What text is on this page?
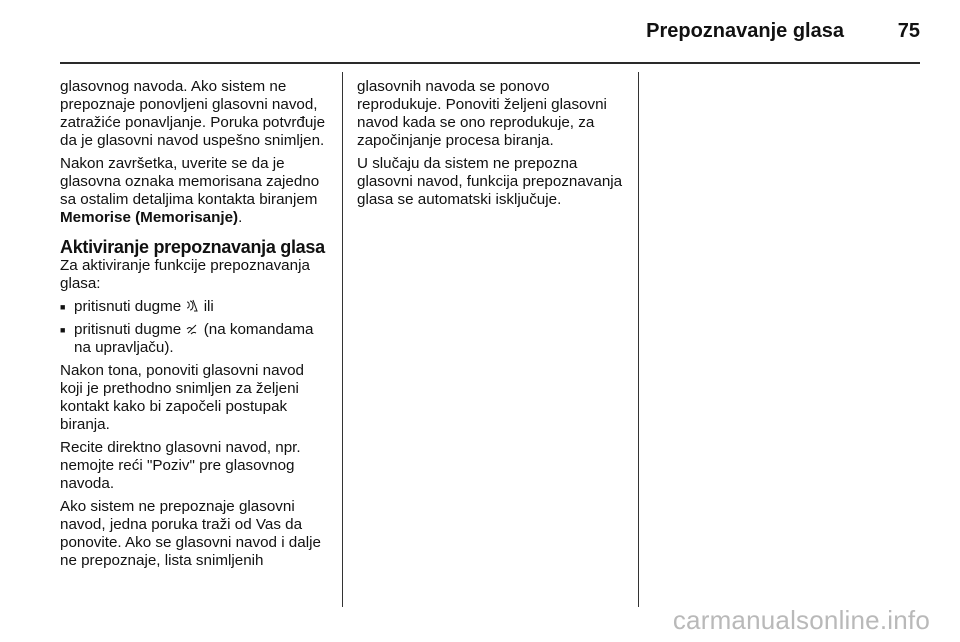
Prepoznavanje glasa	75

glasovnog navoda. Ako sistem ne prepoznaje ponovljeni glasovni navod, zatražiće ponavljanje. Poruka potvrđuje da je glasovni navod uspešno snimljen.

Nakon završetka, uverite se da je glasovna oznaka memorisana zajedno sa ostalim detaljima kontakta biranjem Memorise (Memorisanje).

Aktiviranje prepoznavanja glasa

Za aktiviranje funkcije prepoznavanja glasa:

■ pritisnuti dugme ili
■ pritisnuti dugme (na komandama na upravljaču).

Nakon tona, ponoviti glasovni navod koji je prethodno snimljen za željeni kontakt kako bi započeli postupak biranja.

Recite direktno glasovni navod, npr. nemojte reći "Poziv" pre glasovnog navoda.

Ako sistem ne prepoznaje glasovni navod, jedna poruka traži od Vas da ponovite. Ako se glasovni navod i dalje ne prepoznaje, lista snimljenih

glasovnih navoda se ponovo reprodukuje. Ponoviti željeni glasovni navod kada se ono reprodukuje, za započinjanje procesa biranja.

U slučaju da sistem ne prepozna glasovni navod, funkcija prepoznavanja glasa se automatski isključuje.

carmanualsonline.info
